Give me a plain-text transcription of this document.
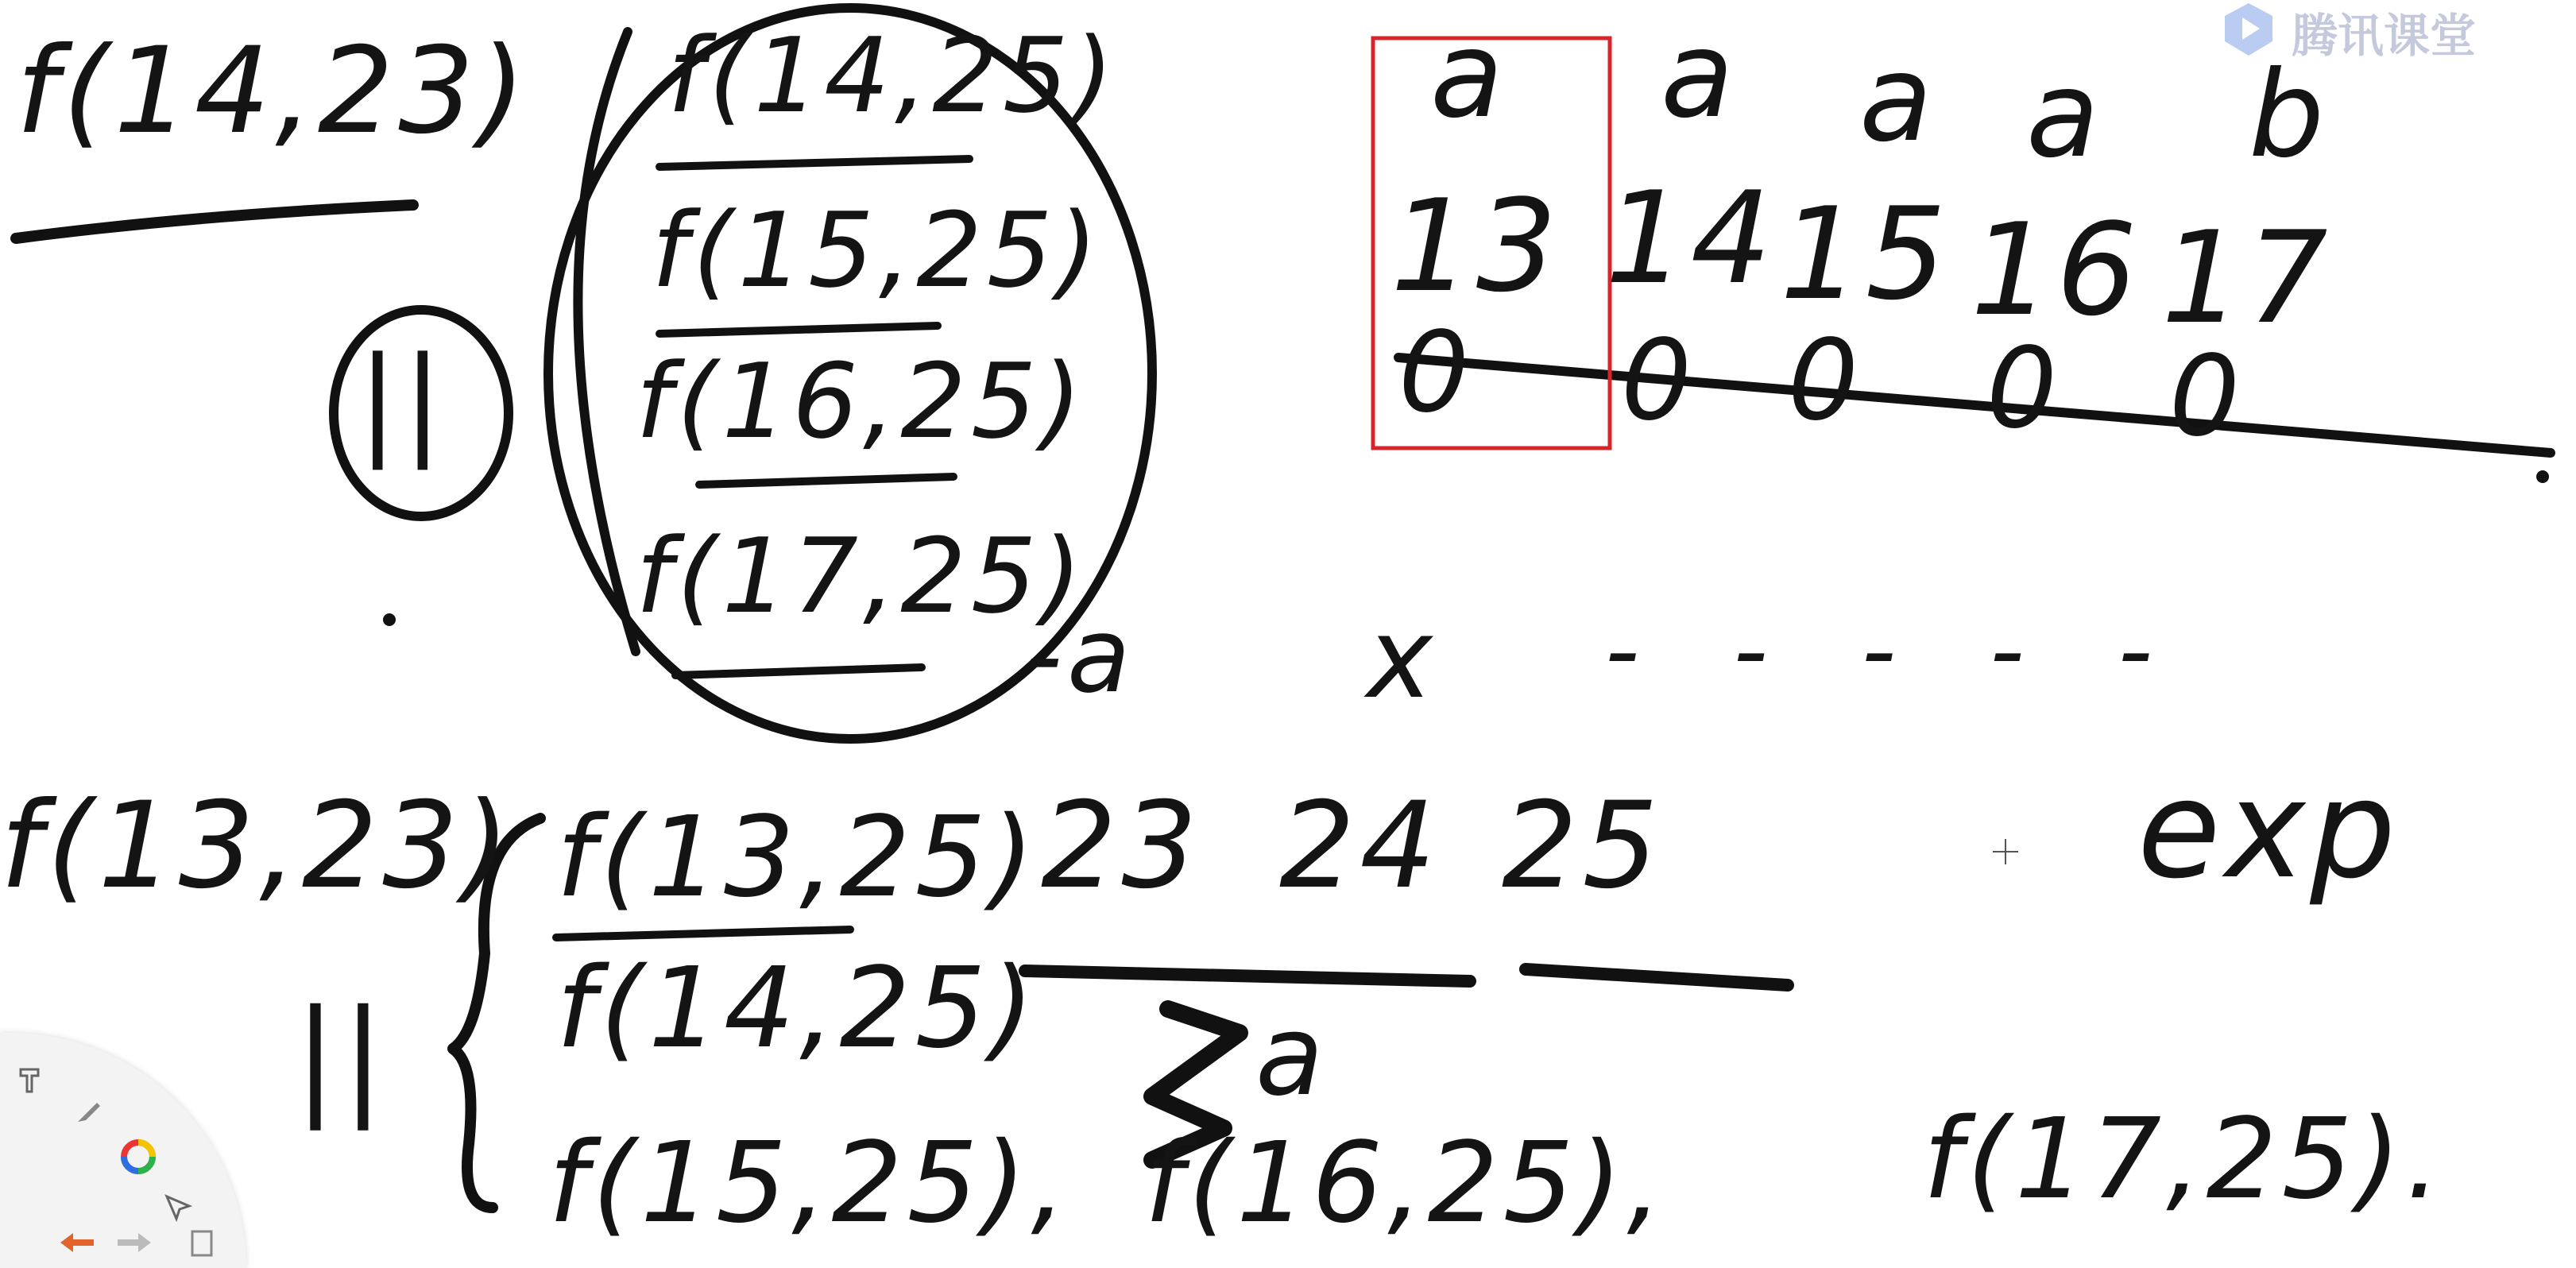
腾讯课堂
f(14,23) f(14,25)
f(15,25)
f(16,25)
f(17,25)
||
-a x - - - - -
a a a a b
13 14 15 16 17
0 0 0 0 0
f(13,23)
||
f(13,25)
f(14,25)
f(15,25), f(16,25), f(17,25).
23 24 25
a
exp
